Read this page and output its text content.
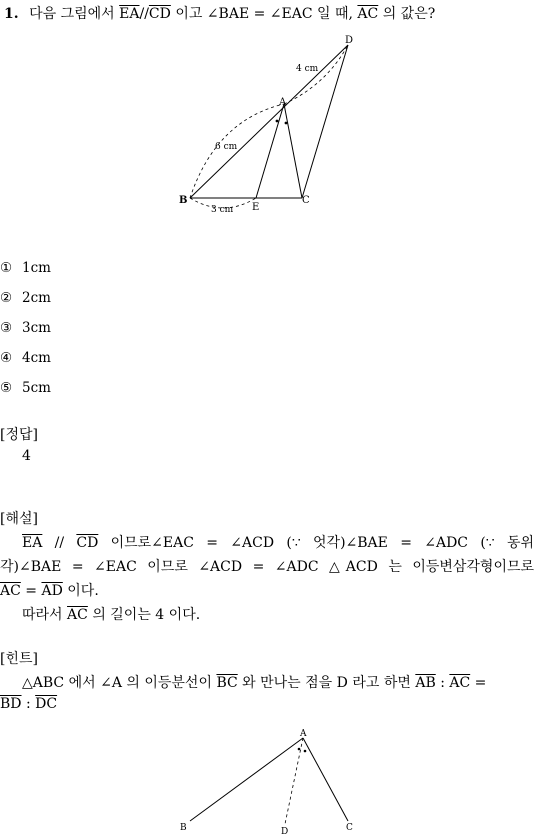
1. 다음 그림에서 $\overline{EA}//\overline{CD}$ 이고 ∠BAE = ∠EAC 일 때, $\overline{AC}$ 의 값은?
D
A
B
E
C
4 cm
6 cm
3 cm
① 1cm
② 2cm
③ 3cm
④ 4cm
⑤ 5cm
[정답]
4
[해설]
$\overline{EA} // \overline{CD}$ 이므로∠EAC = ∠ACD (∵ 엇각)∠BAE = ∠ADC (∵ 동위
각)∠BAE = ∠EAC 이므로 ∠ACD = ∠ADC △ACD 는 이등변삼각형이므로
$\overline{AC} = \overline{AD}$ 이다.
따라서 $\overline{AC}$ 의 길이는 4 이다.
[힌트]
△ABC 에서 ∠A 의 이등분선이 $\overline{BC}$ 와 만나는 점을 D 라고 하면 $\overline{AB}$ : $\overline{AC}$ =
$\overline{BD}$ : $\overline{DC}$
A
B	D	C
